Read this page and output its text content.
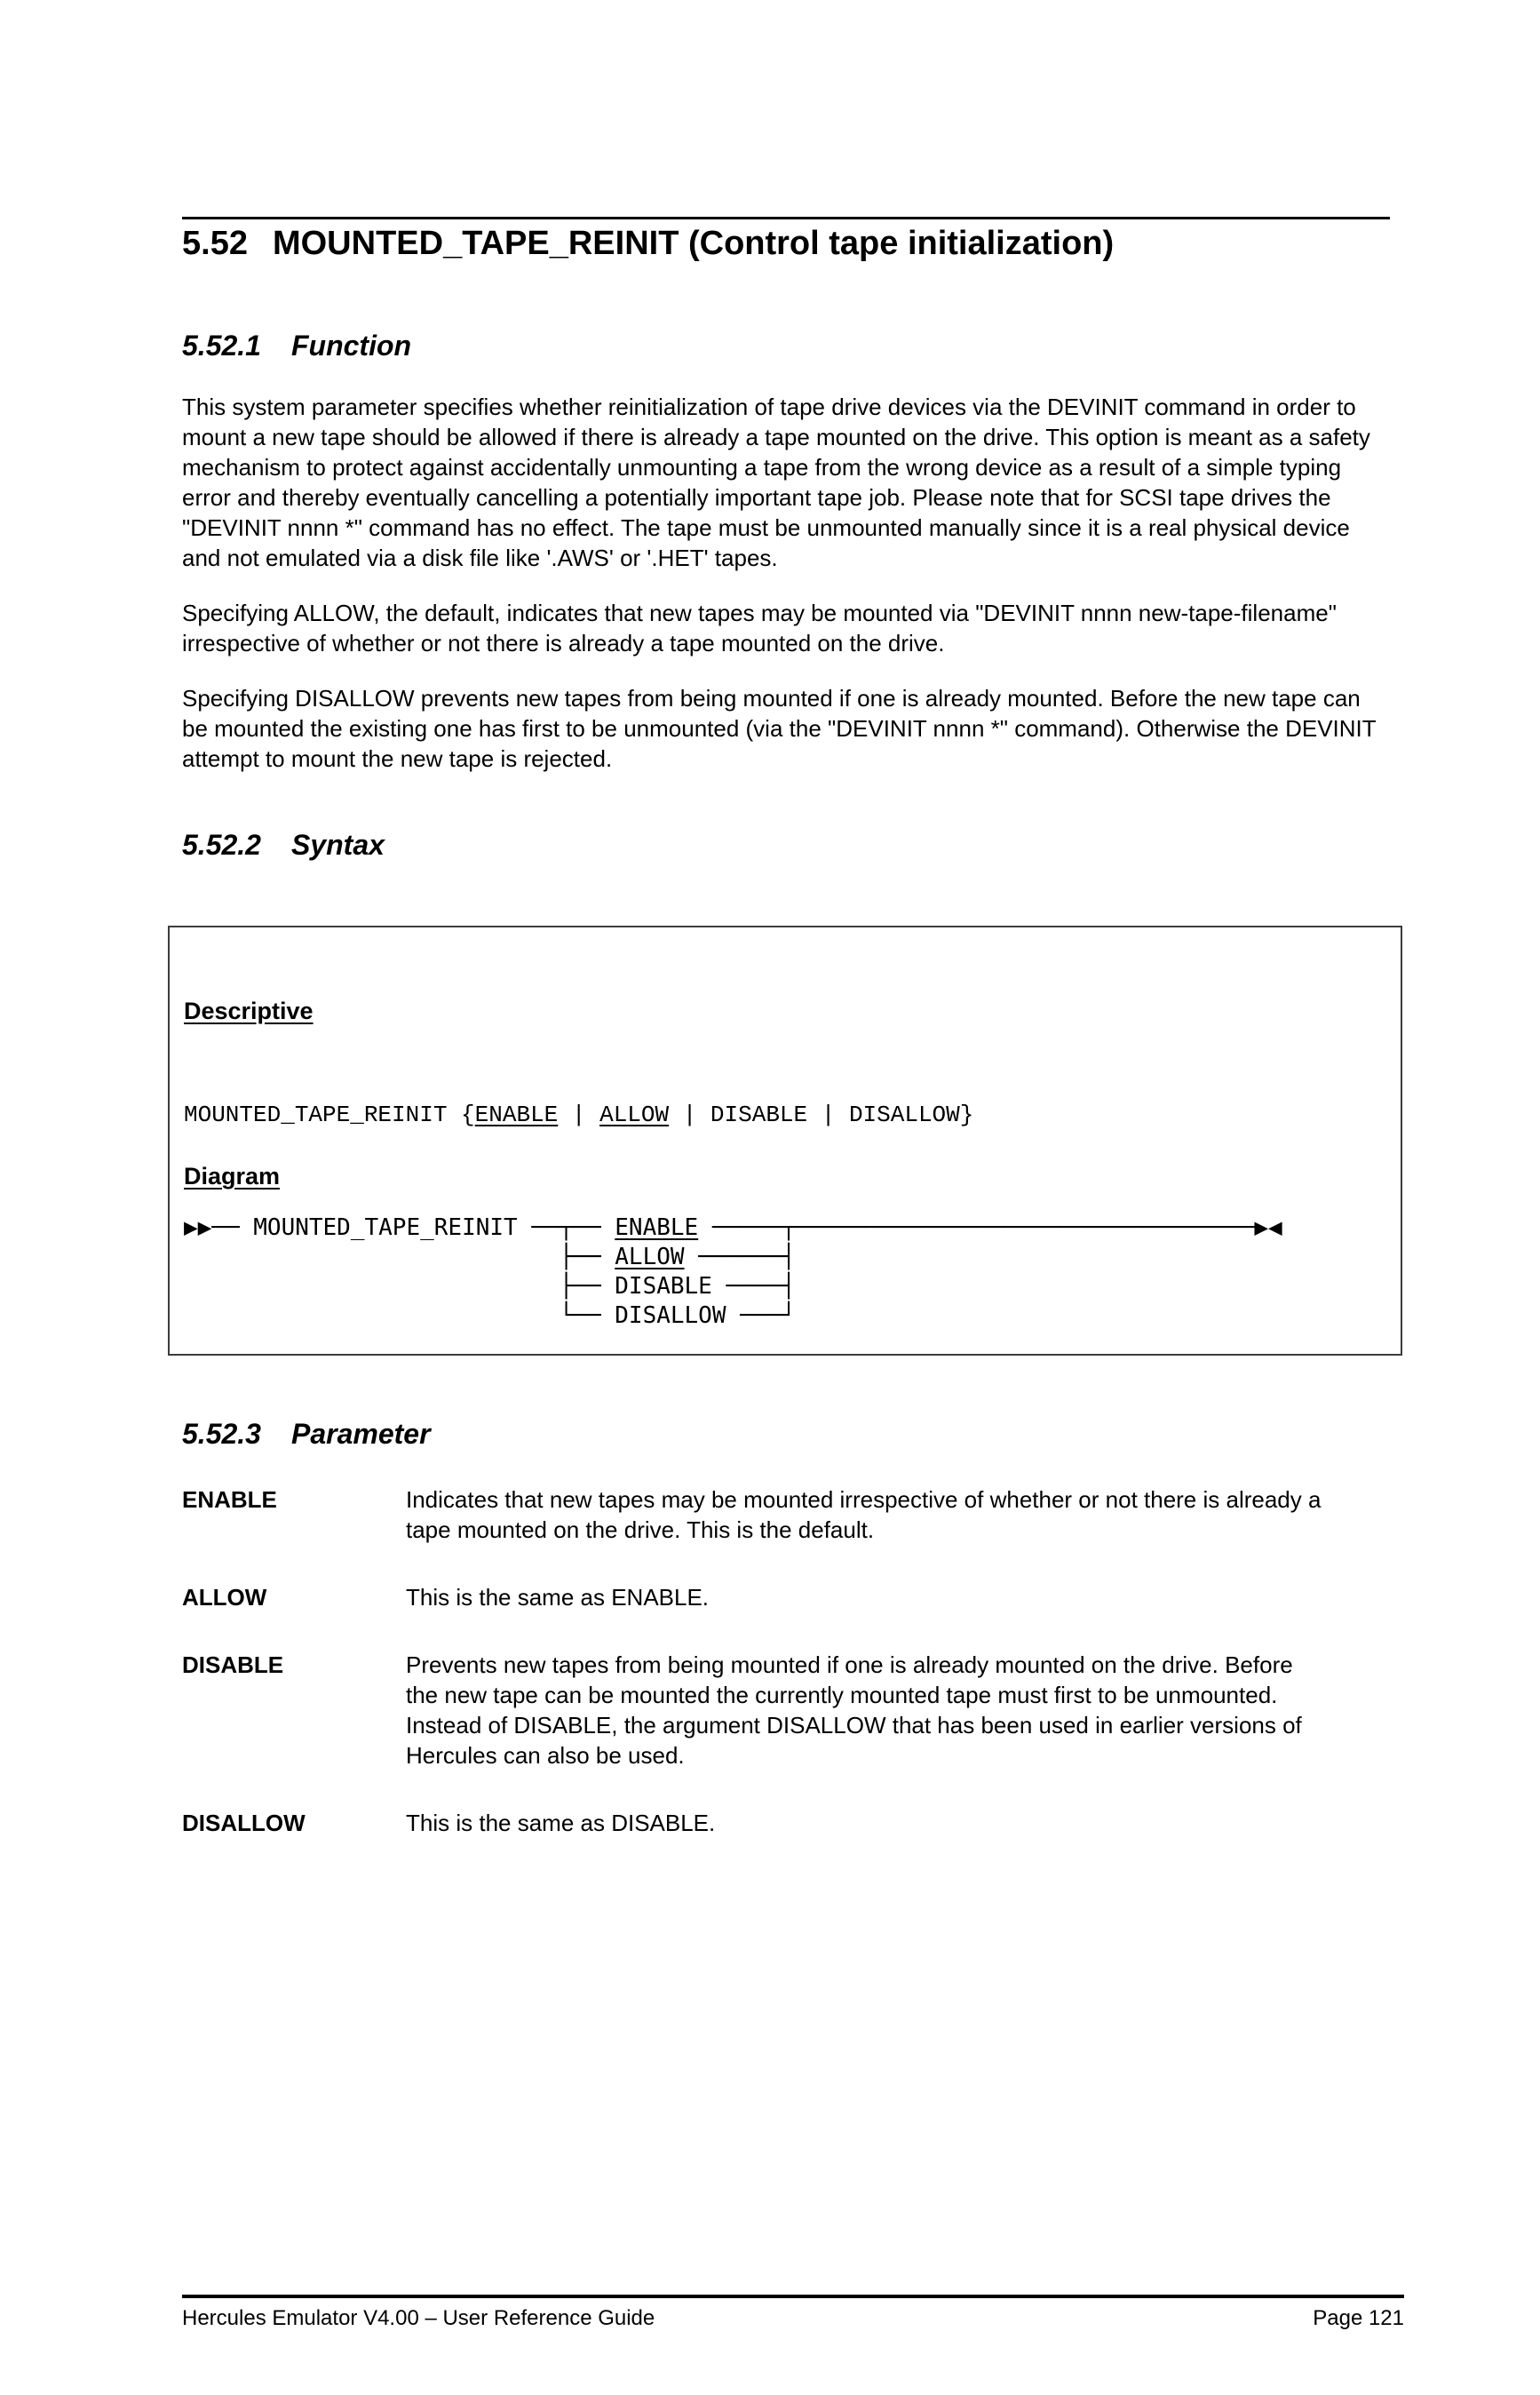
5.52 MOUNTED_TAPE_REINIT (Control tape initialization)
5.52.1 Function

This system parameter specifies whether reinitialization of tape drive devices via the DEVINIT command in order to mount a new tape should be allowed if there is already a tape mounted on the drive. This option is meant as a safety mechanism to protect against accidentally unmounting a tape from the wrong device as a result of a simple typing error and thereby eventually cancelling a potentially important tape job. Please note that for SCSI tape drives the "DEVINIT nnnn *" command has no effect. The tape must be unmounted manually since it is a real physical device and not emulated via a disk file like '.AWS' or '.HET' tapes.

Specifying ALLOW, the default, indicates that new tapes may be mounted via "DEVINIT nnnn new-tape-filename" irrespective of whether or not there is already a tape mounted on the drive.

Specifying DISALLOW prevents new tapes from being mounted if one is already mounted. Before the new tape can be mounted the existing one has first to be unmounted (via the "DEVINIT nnnn *" command). Otherwise the DEVINIT attempt to mount the new tape is rejected.

5.52.2 Syntax
Descriptive
MOUNTED_TAPE_REINIT {ENABLE | ALLOW | DISABLE | DISALLOW}
Diagram
▶▶── MOUNTED_TAPE_REINIT ──┬── ENABLE ─────┬─────────────────────────────────▶◀
├── ALLOW ──────┤
├── DISABLE ────┤
└── DISALLOW ───┘
5.52.3 Parameter
ENABLE	Indicates that new tapes may be mounted irrespective of whether or not there is already a tape mounted on the drive. This is the default.
ALLOW	This is the same as ENABLE.
DISABLE	Prevents new tapes from being mounted if one is already mounted on the drive. Before the new tape can be mounted the currently mounted tape must first to be unmounted. Instead of DISABLE, the argument DISALLOW that has been used in earlier versions of Hercules can also be used.
DISALLOW	This is the same as DISABLE.
Hercules Emulator V4.00 – User Reference Guide	Page 121
